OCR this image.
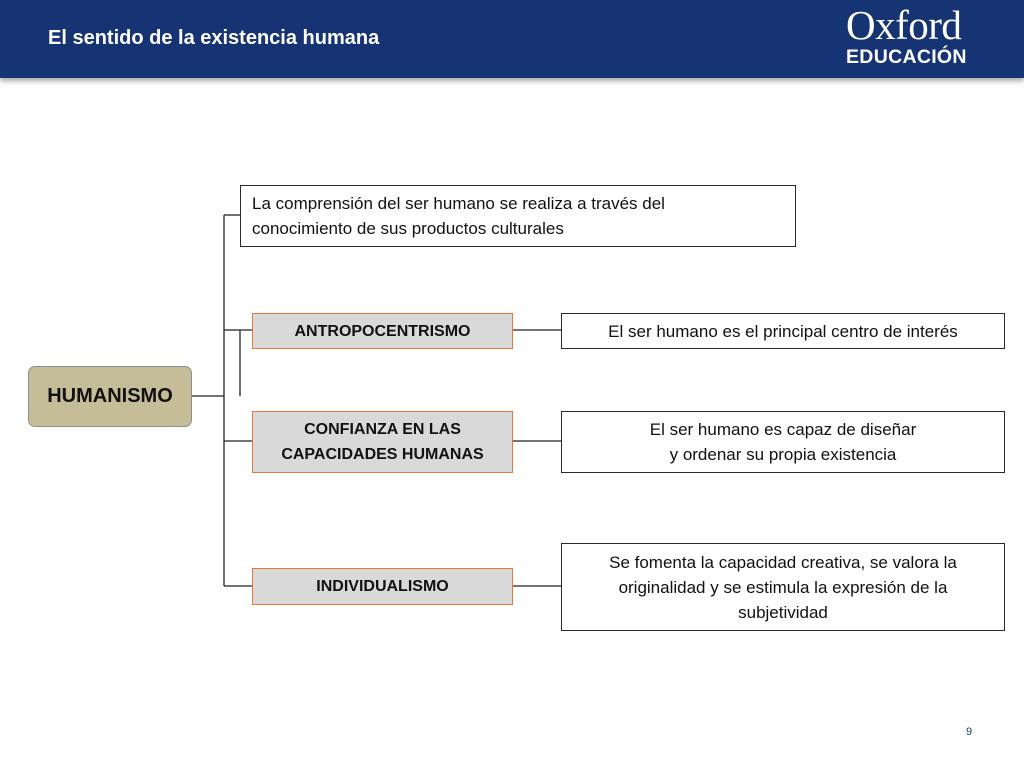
El sentido de la existencia humana	Oxford
EDUCACIÓN
HUMANISMO
La comprensión del ser humano se realiza a través del
conocimiento de sus productos culturales
ANTROPOCENTRISMO	El ser humano es el principal centro de interés
CONFIANZA EN LAS
CAPACIDADES HUMANAS
El ser humano es capaz de diseñar
y ordenar su propia existencia
INDIVIDUALISMO
Se fomenta la capacidad creativa, se valora la
originalidad y se estimula la expresión de la
subjetividad
9
